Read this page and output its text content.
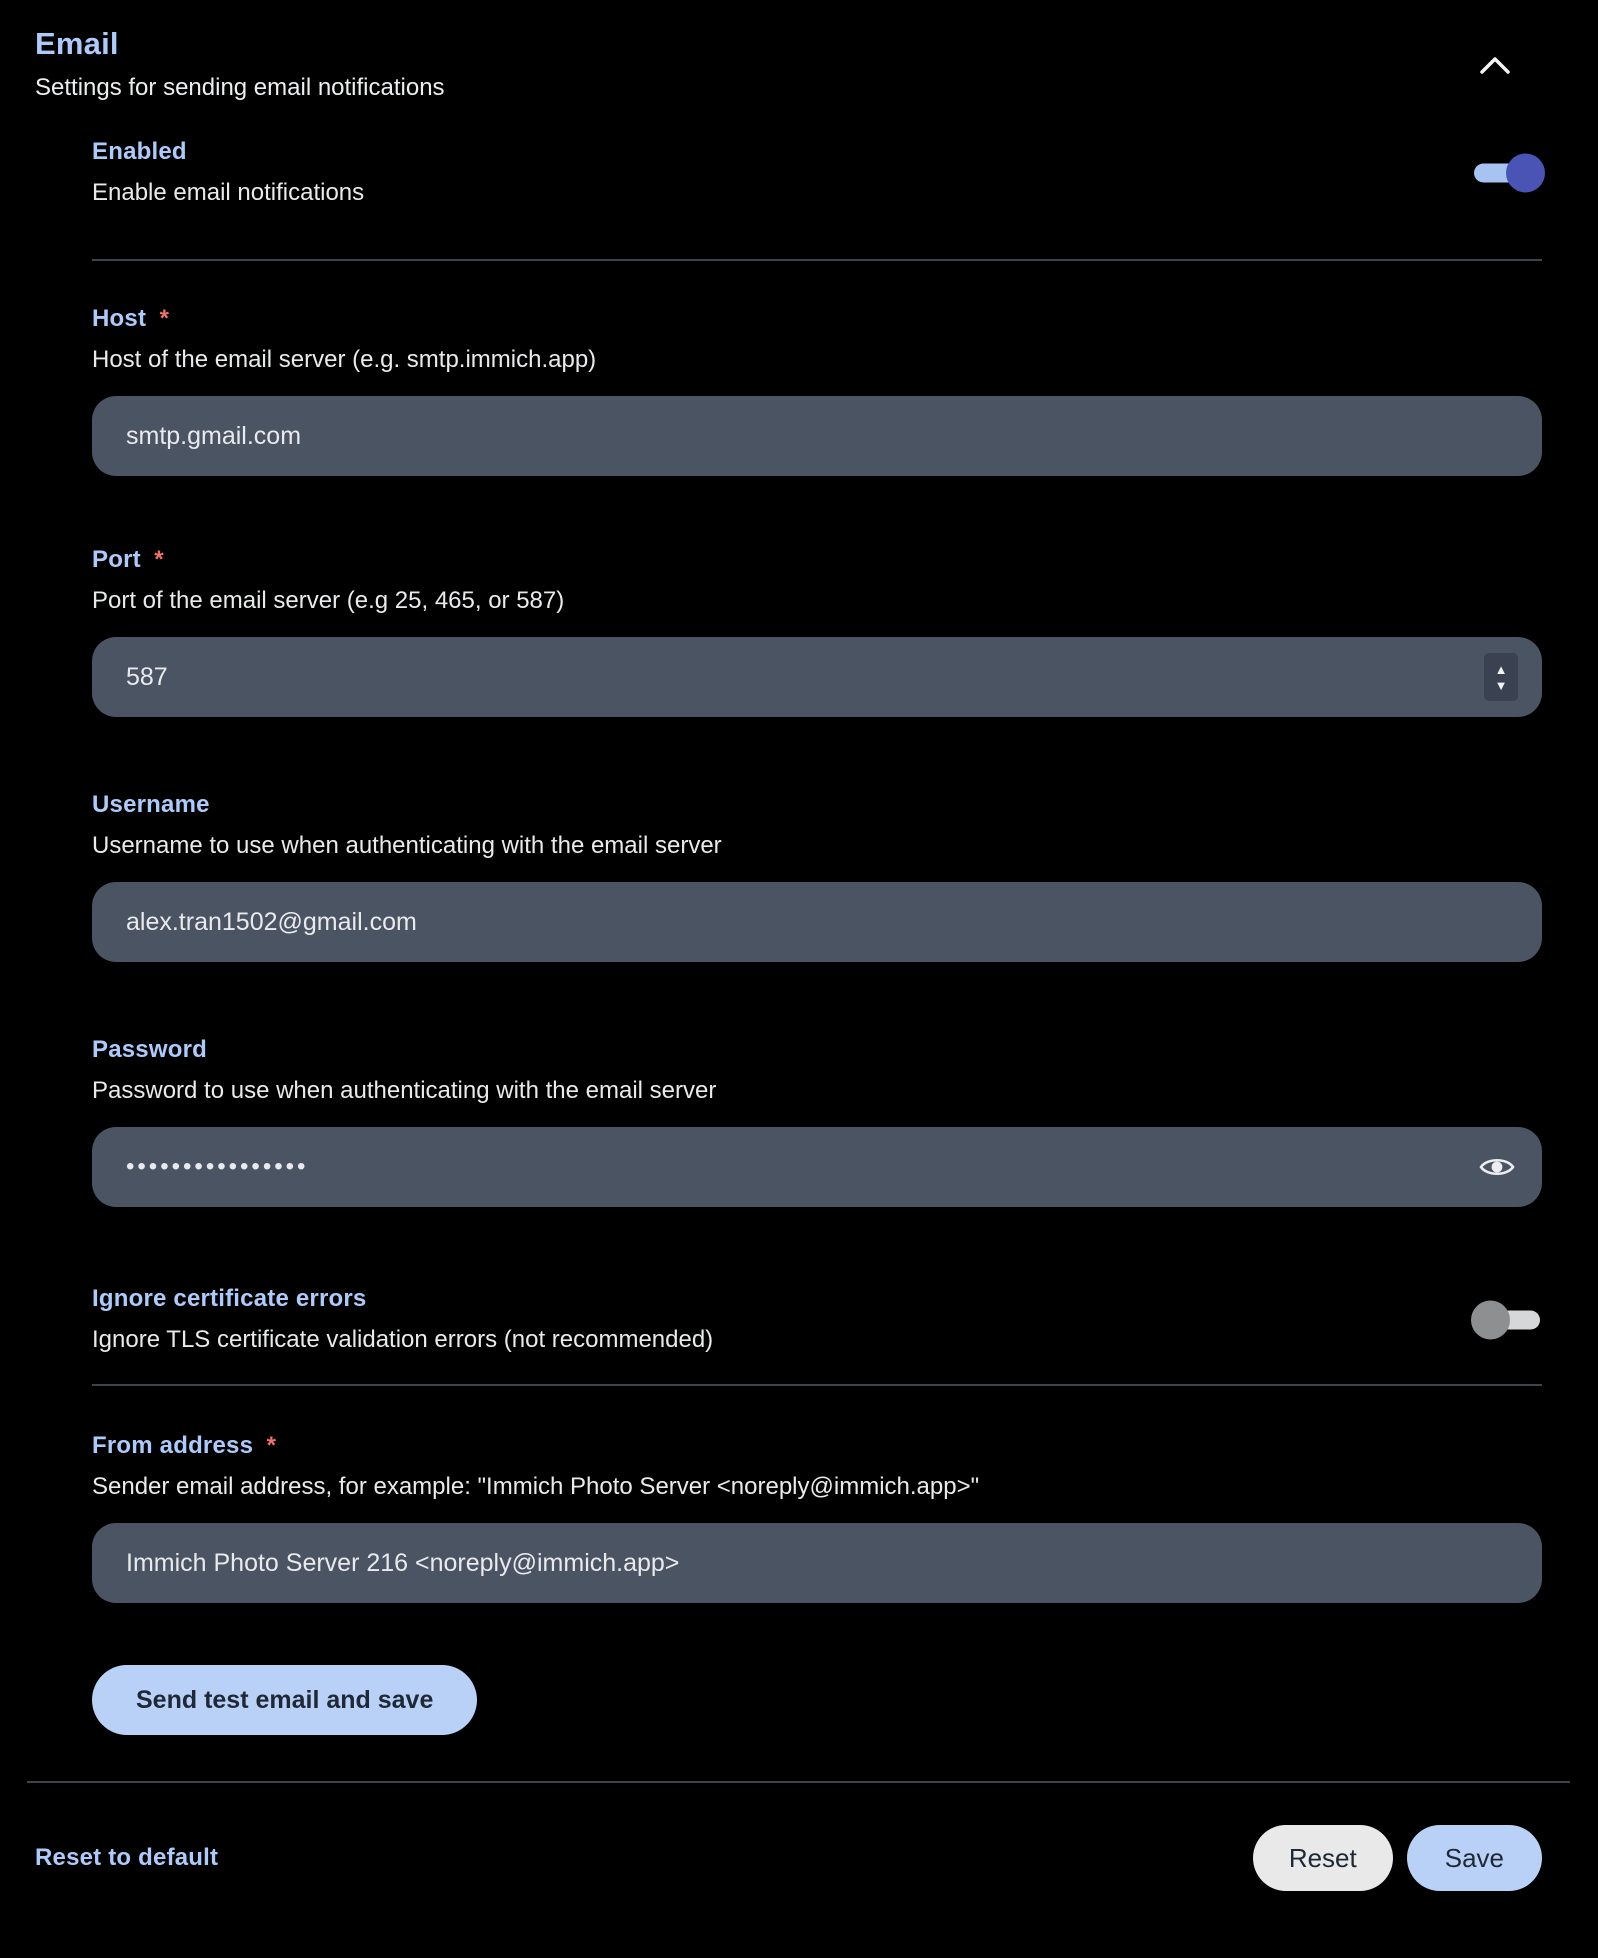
Email
Settings for sending email notifications
Enabled
Enable email notifications
Host *
Host of the email server (e.g. smtp.immich.app)
smtp.gmail.com
Port *
Port of the email server (e.g 25, 465, or 587)
587
▲
▼
Username
Username to use when authenticating with the email server
alex.tran1502@gmail.com
Password
Password to use when authenticating with the email server
••••••••••••••••
Ignore certificate errors
Ignore TLS certificate validation errors (not recommended)
From address *
Sender email address, for example: "Immich Photo Server <noreply@immich.app>"
Immich Photo Server 216 <noreply@immich.app>
Send test email and save
Reset to default	Reset	Save
